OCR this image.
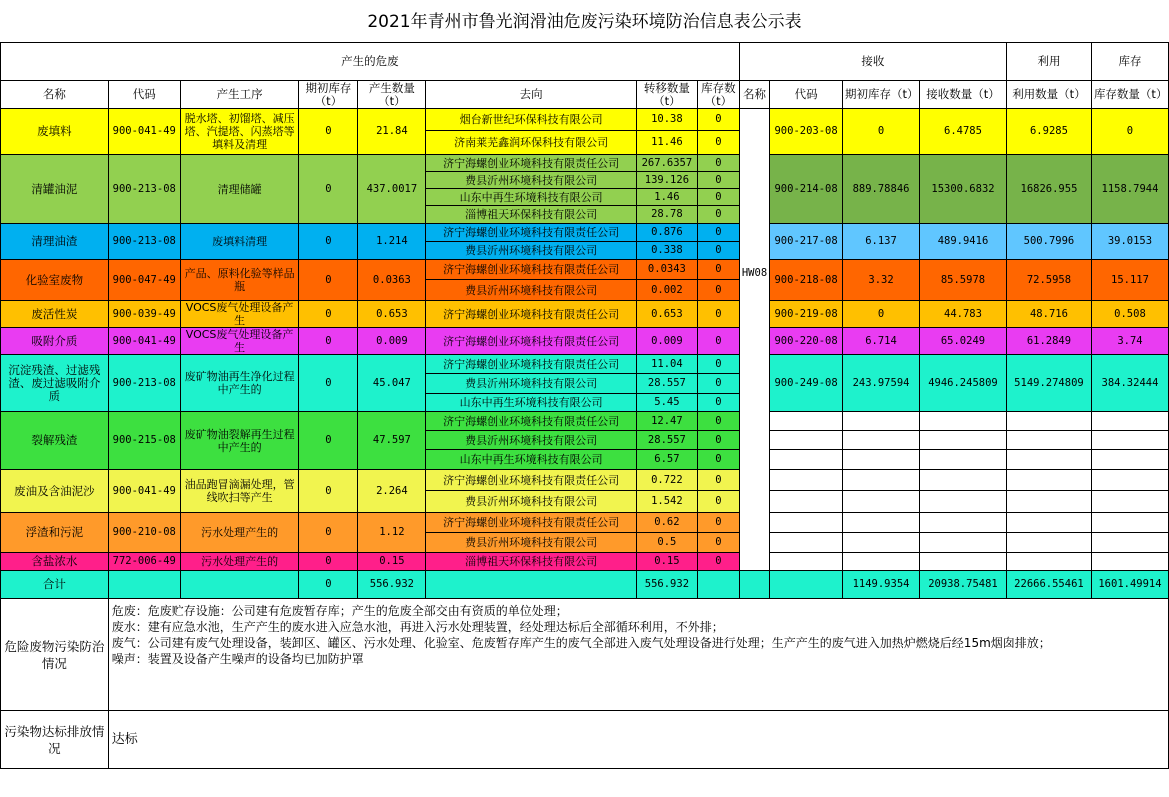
2021年青州市鲁光润滑油危废污染环境防治信息表公示表
产生的危废								接收				利用	库存
名称	代码	产生工序	期初库存（t）	产生数量（t）	去向	转移数量（t）	库存数（t）	名称	代码	期初库存（t）	接收数量（t）	利用数量（t）	库存数量（t）
废填料	900-041-49	脱水塔、初馏塔、减压塔、汽提塔、闪蒸塔等填料及清理	0	21.84	烟台新世纪环保科技有限公司	10.38	0	HW08	900-203-08	0	6.4785	6.9285	0
					济南莱芜鑫润环保科技有限公司	11.46	0						
清罐油泥	900-213-08	清理储罐	0	437.0017	济宁海螺创业环境科技有限责任公司	267.6357	0		900-214-08	889.78846	15300.6832	16826.955	1158.7944
					费县沂州环境科技有限公司	139.126	0						
					山东中再生环境科技有限公司	1.46	0						
					淄博祖天环保科技有限公司	28.78	0						
清理油渣	900-213-08	废填料清理	0	1.214	济宁海螺创业环境科技有限责任公司	0.876	0		900-217-08	6.137	489.9416	500.7996	39.0153
					费县沂州环境科技有限公司	0.338	0						
化验室废物	900-047-49	产品、原料化验等样品瓶	0	0.0363	济宁海螺创业环境科技有限责任公司	0.0343	0		900-218-08	3.32	85.5978	72.5958	15.117
					费县沂州环境科技有限公司	0.002	0						
废活性炭	900-039-49	VOCS废气处理设备产生	0	0.653	济宁海螺创业环境科技有限责任公司	0.653	0		900-219-08	0	44.783	48.716	0.508
吸附介质	900-041-49	VOCS废气处理设备产生	0	0.009	济宁海螺创业环境科技有限责任公司	0.009	0		900-220-08	6.714	65.0249	61.2849	3.74
沉淀残渣、过滤残渣、废过滤吸附介质	900-213-08	废矿物油再生净化过程中产生的	0	45.047	济宁海螺创业环境科技有限责任公司	11.04	0		900-249-08	243.97594	4946.245809	5149.274809	384.32444
					费县沂州环境科技有限公司	28.557	0						
					山东中再生环境科技有限公司	5.45	0						
裂解残渣	900-215-08	废矿物油裂解再生过程中产生的	0	47.597	济宁海螺创业环境科技有限责任公司	12.47	0						
					费县沂州环境科技有限公司	28.557	0						
					山东中再生环境科技有限公司	6.57	0						
废油及含油泥沙	900-041-49	油品跑冒滴漏处理，管线吹扫等产生	0	2.264	济宁海螺创业环境科技有限责任公司	0.722	0						
					费县沂州环境科技有限公司	1.542	0						
浮渣和污泥	900-210-08	污水处理产生的	0	1.12	济宁海螺创业环境科技有限责任公司	0.62	0						
					费县沂州环境科技有限公司	0.5	0						
含盐浓水	772-006-49	污水处理产生的	0	0.15	淄博祖天环保科技有限公司	0.15	0						
合计			0	556.932		556.932				1149.9354	20938.75481	22666.55461	1601.49914
危险废物污染防治情况	危废：危废贮存设施：公司建有危废暂存库；产生的危废全部交由有资质的单位处理；
废水：建有应急水池，生产产生的废水进入应急水池，再进入污水处理装置，经处理达标后全部循环利用，不外排；
废气：公司建有废气处理设备，装卸区、罐区、污水处理、化验室、危废暂存库产生的废气全部进入废气处理设备进行处理；生产产生的废气进入加热炉燃烧后经15m烟囱排放；
噪声：装置及设备产生噪声的设备均已加防护罩												

污染物达标排放情况	达标												
